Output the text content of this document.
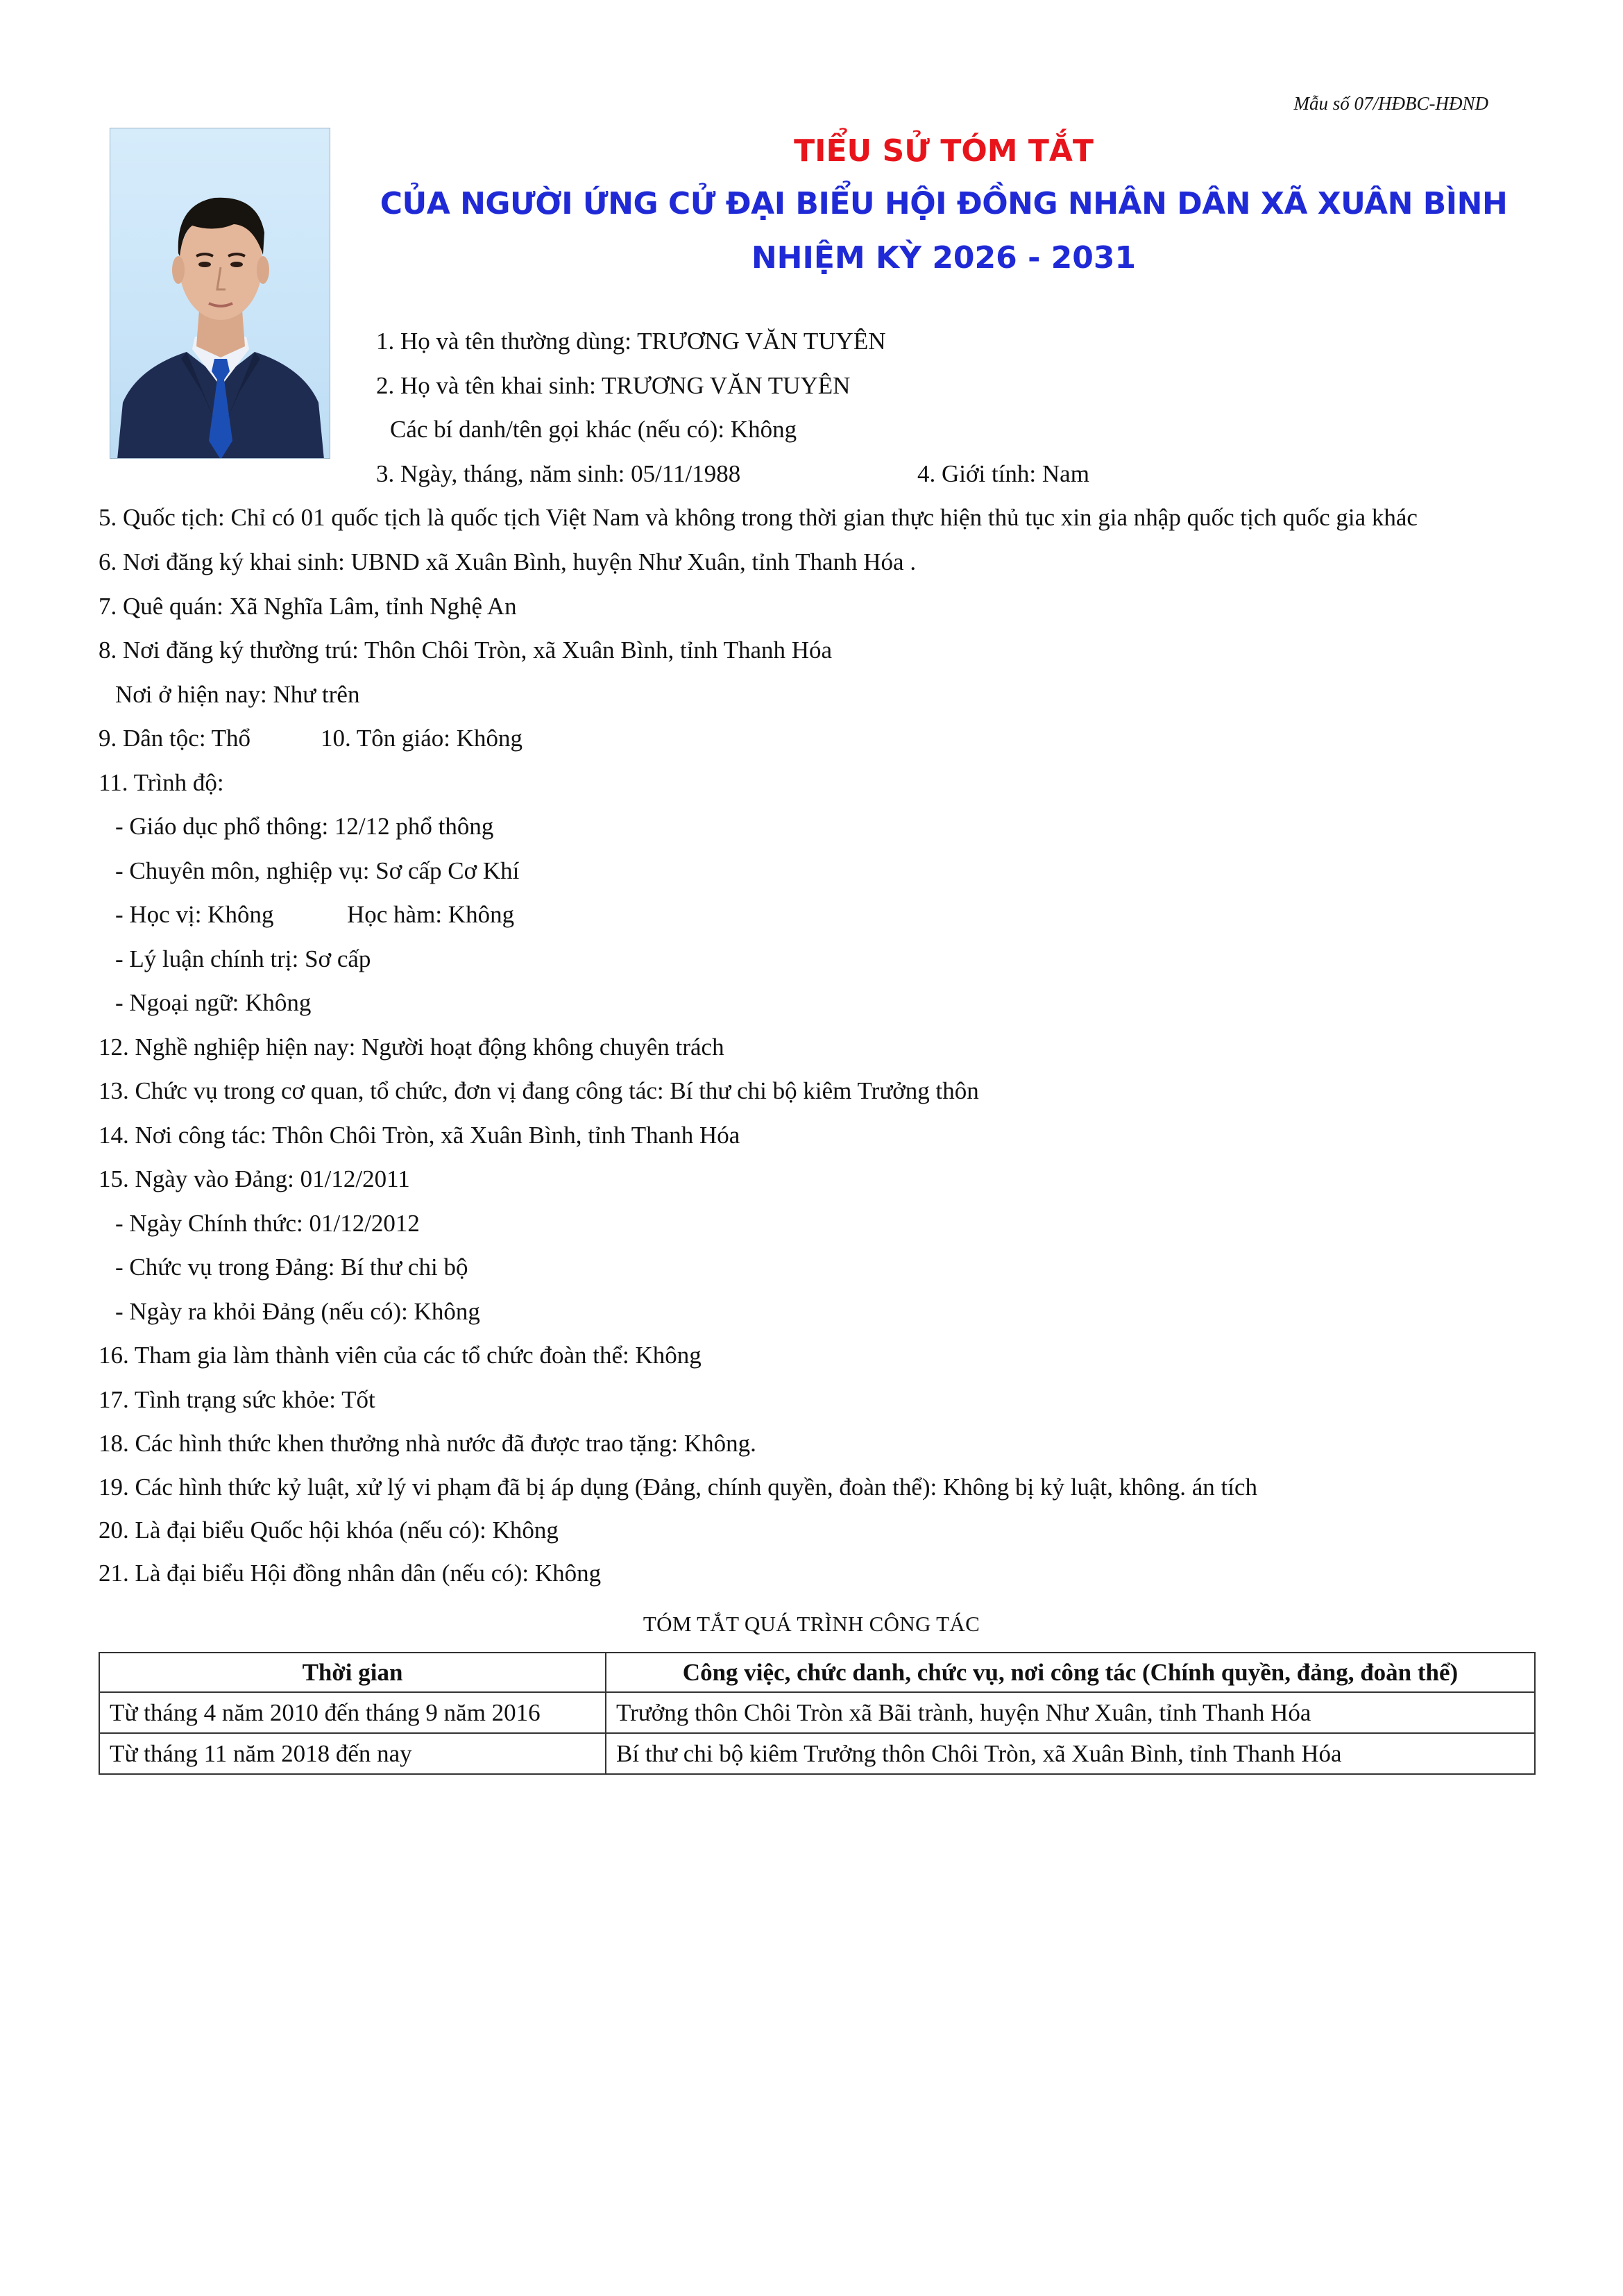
Mẫu số 07/HĐBC-HĐND
TIỂU SỬ TÓM TẮT
CỦA NGƯỜI ỨNG CỬ ĐẠI BIỂU HỘI ĐỒNG NHÂN DÂN XÃ XUÂN BÌNH
NHIỆM KỲ 2026 - 2031
1. Họ và tên thường dùng: TRƯƠNG VĂN TUYÊN
2. Họ và tên khai sinh: TRƯƠNG VĂN TUYÊN
Các bí danh/tên gọi khác (nếu có): Không
3. Ngày, tháng, năm sinh: 05/11/1988	4. Giới tính: Nam
5. Quốc tịch: Chỉ có 01 quốc tịch là quốc tịch Việt Nam và không trong thời gian thực hiện thủ tục xin gia nhập quốc tịch quốc gia khác
6. Nơi đăng ký khai sinh: UBND xã Xuân Bình, huyện Như Xuân, tỉnh Thanh Hóa .
7. Quê quán: Xã Nghĩa Lâm, tỉnh Nghệ An
8. Nơi đăng ký thường trú: Thôn Chôi Tròn, xã Xuân Bình, tỉnh Thanh Hóa
Nơi ở hiện nay: Như trên
9. Dân tộc: Thổ	10. Tôn giáo: Không
11. Trình độ:
- Giáo dục phổ thông: 12/12 phổ thông
- Chuyên môn, nghiệp vụ: Sơ cấp Cơ Khí
- Học vị: Không	Học hàm: Không
- Lý luận chính trị: Sơ cấp
- Ngoại ngữ: Không
12. Nghề nghiệp hiện nay: Người hoạt động không chuyên trách
13. Chức vụ trong cơ quan, tổ chức, đơn vị đang công tác: Bí thư chi bộ kiêm Trưởng thôn
14. Nơi công tác: Thôn Chôi Tròn, xã Xuân Bình, tỉnh Thanh Hóa
15. Ngày vào Đảng: 01/12/2011
- Ngày Chính thức: 01/12/2012
- Chức vụ trong Đảng: Bí thư chi bộ
- Ngày ra khỏi Đảng (nếu có): Không
16. Tham gia làm thành viên của các tổ chức đoàn thể: Không
17. Tình trạng sức khỏe: Tốt
18. Các hình thức khen thưởng nhà nước đã được trao tặng: Không.
19. Các hình thức kỷ luật, xử lý vi phạm đã bị áp dụng (Đảng, chính quyền, đoàn thể): Không bị kỷ luật, không. án tích
20. Là đại biểu Quốc hội khóa (nếu có): Không
21. Là đại biểu Hội đồng nhân dân (nếu có): Không
TÓM TẮT QUÁ TRÌNH CÔNG TÁC
Thời gian	Công việc, chức danh, chức vụ, nơi công tác (Chính quyền, đảng, đoàn thể)
Từ tháng 4 năm 2010 đến tháng 9 năm 2016	Trưởng thôn Chôi Tròn xã Bãi trành, huyện Như Xuân, tỉnh Thanh Hóa
Từ tháng 11 năm 2018 đến nay	Bí thư chi bộ kiêm Trưởng thôn Chôi Tròn, xã Xuân Bình, tỉnh Thanh Hóa
